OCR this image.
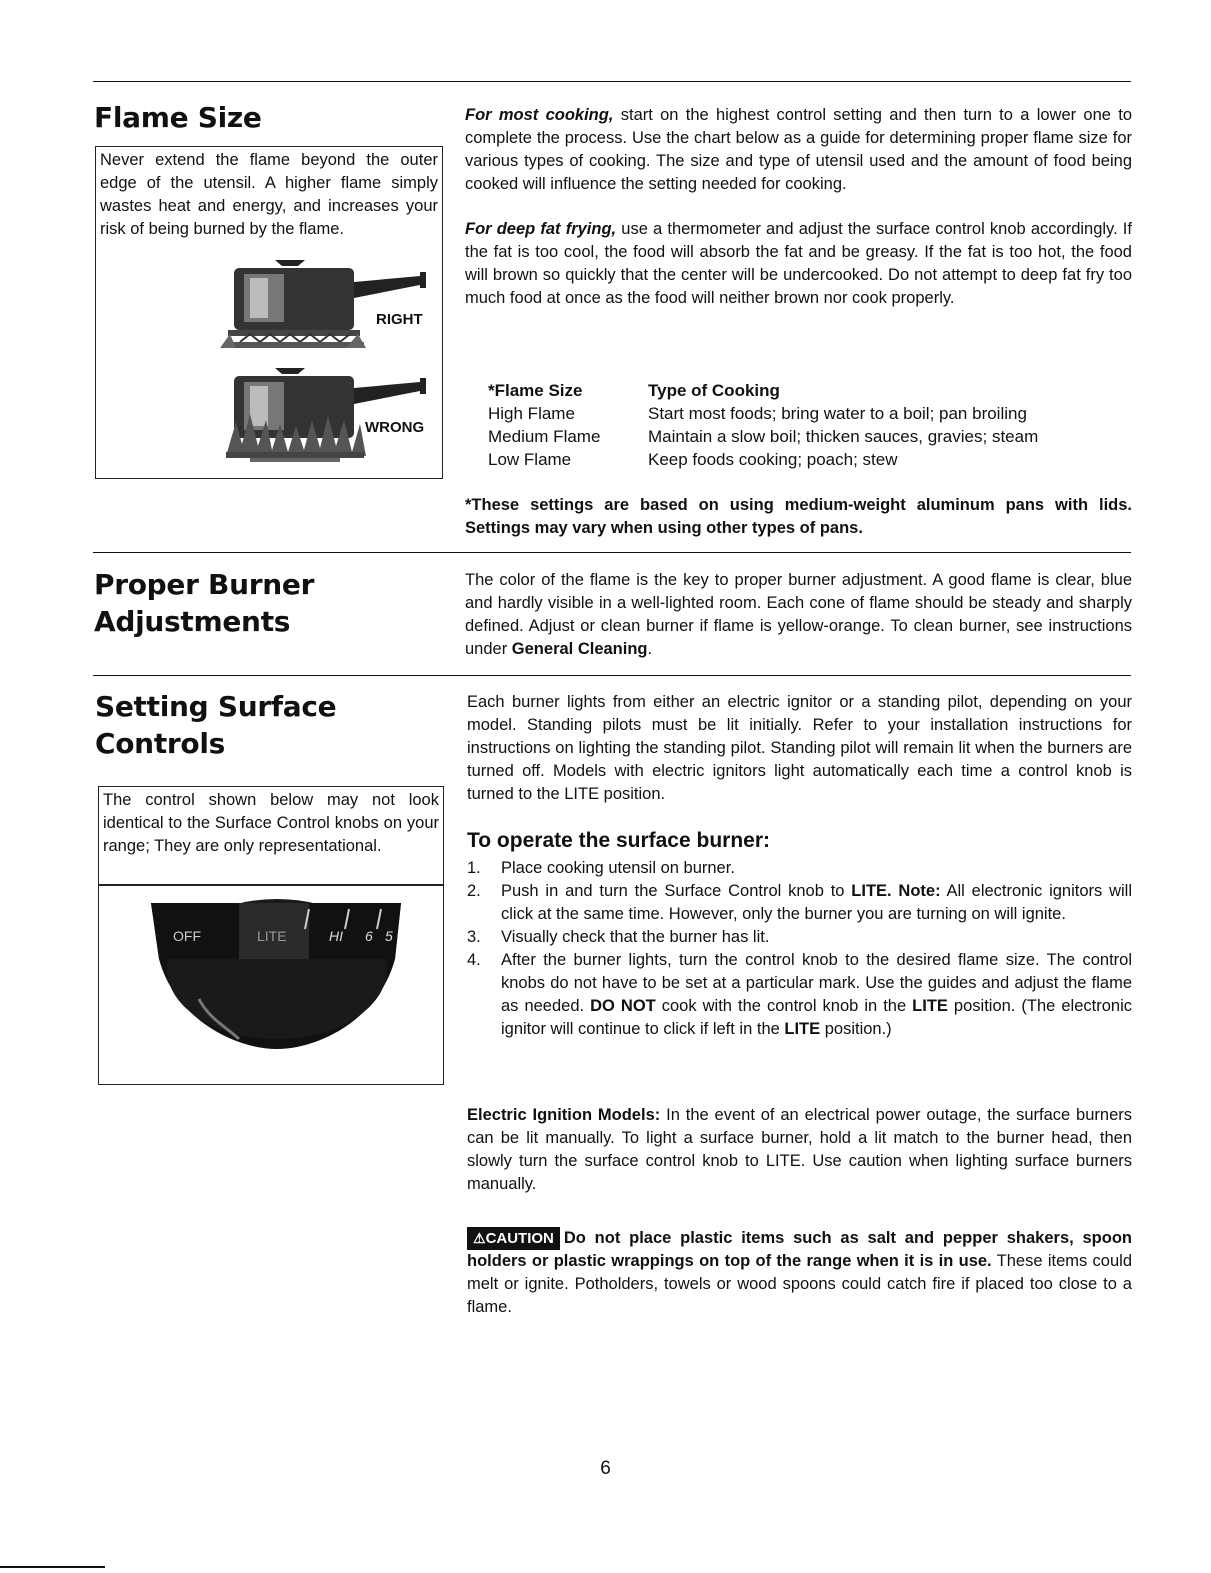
Flame Size
Never extend the flame beyond the outer edge of the utensil. A higher flame simply wastes heat and energy, and increases your risk of being burned by the flame.
RIGHT
WRONG

For most cooking, start on the highest control setting and then turn to a lower one to complete the process. Use the chart below as a guide for determining proper flame size for various types of cooking. The size and type of utensil used and the amount of food being cooked will influence the setting needed for cooking.

For deep fat frying, use a thermometer and adjust the surface control knob accordingly. If the fat is too cool, the food will absorb the fat and be greasy. If the fat is too hot, the food will brown so quickly that the center will be undercooked. Do not attempt to deep fat fry too much food at once as the food will neither brown nor cook properly.

*Flame Size	Type of Cooking
High Flame	Start most foods; bring water to a boil; pan broiling
Medium Flame	Maintain a slow boil; thicken sauces, gravies; steam
Low Flame	Keep foods cooking; poach; stew
*These settings are based on using medium-weight aluminum pans with lids. Settings may vary when using other types of pans.
Proper Burner
Adjustments

The color of the flame is the key to proper burner adjustment. A good flame is clear, blue and hardly visible in a well-lighted room. Each cone of flame should be steady and sharply defined. Adjust or clean burner if flame is yellow-orange. To clean burner, see instructions under General Cleaning.

Setting Surface
Controls
The control shown below may not look identical to the Surface Control knobs on your range; They are only representational.
OFF	LITE	HI 6 5
Each burner lights from either an electric ignitor or a standing pilot, depending on your model. Standing pilots must be lit initially. Refer to your installation instructions for instructions on lighting the standing pilot. Standing pilot will remain lit when the burners are turned off. Models with electric ignitors light automatically each time a control knob is turned to the LITE position.
To operate the surface burner:
1. Place cooking utensil on burner.
2. Push in and turn the Surface Control knob to LITE. Note: All electronic ignitors will click at the same time. However, only the burner you are turning on will ignite.
3. Visually check that the burner has lit.
4. After the burner lights, turn the control knob to the desired flame size. The control knobs do not have to be set at a particular mark. Use the guides and adjust the flame as needed. DO NOT cook with the control knob in the LITE position. (The electronic ignitor will continue to click if left in the LITE position.)

Electric Ignition Models: In the event of an electrical power outage, the surface burners can be lit manually. To light a surface burner, hold a lit match to the burner head, then slowly turn the surface control knob to LITE. Use caution when lighting surface burners manually.

⚠CAUTION Do not place plastic items such as salt and pepper shakers, spoon holders or plastic wrappings on top of the range when it is in use. These items could melt or ignite. Potholders, towels or wood spoons could catch fire if placed too close to a flame.

6
